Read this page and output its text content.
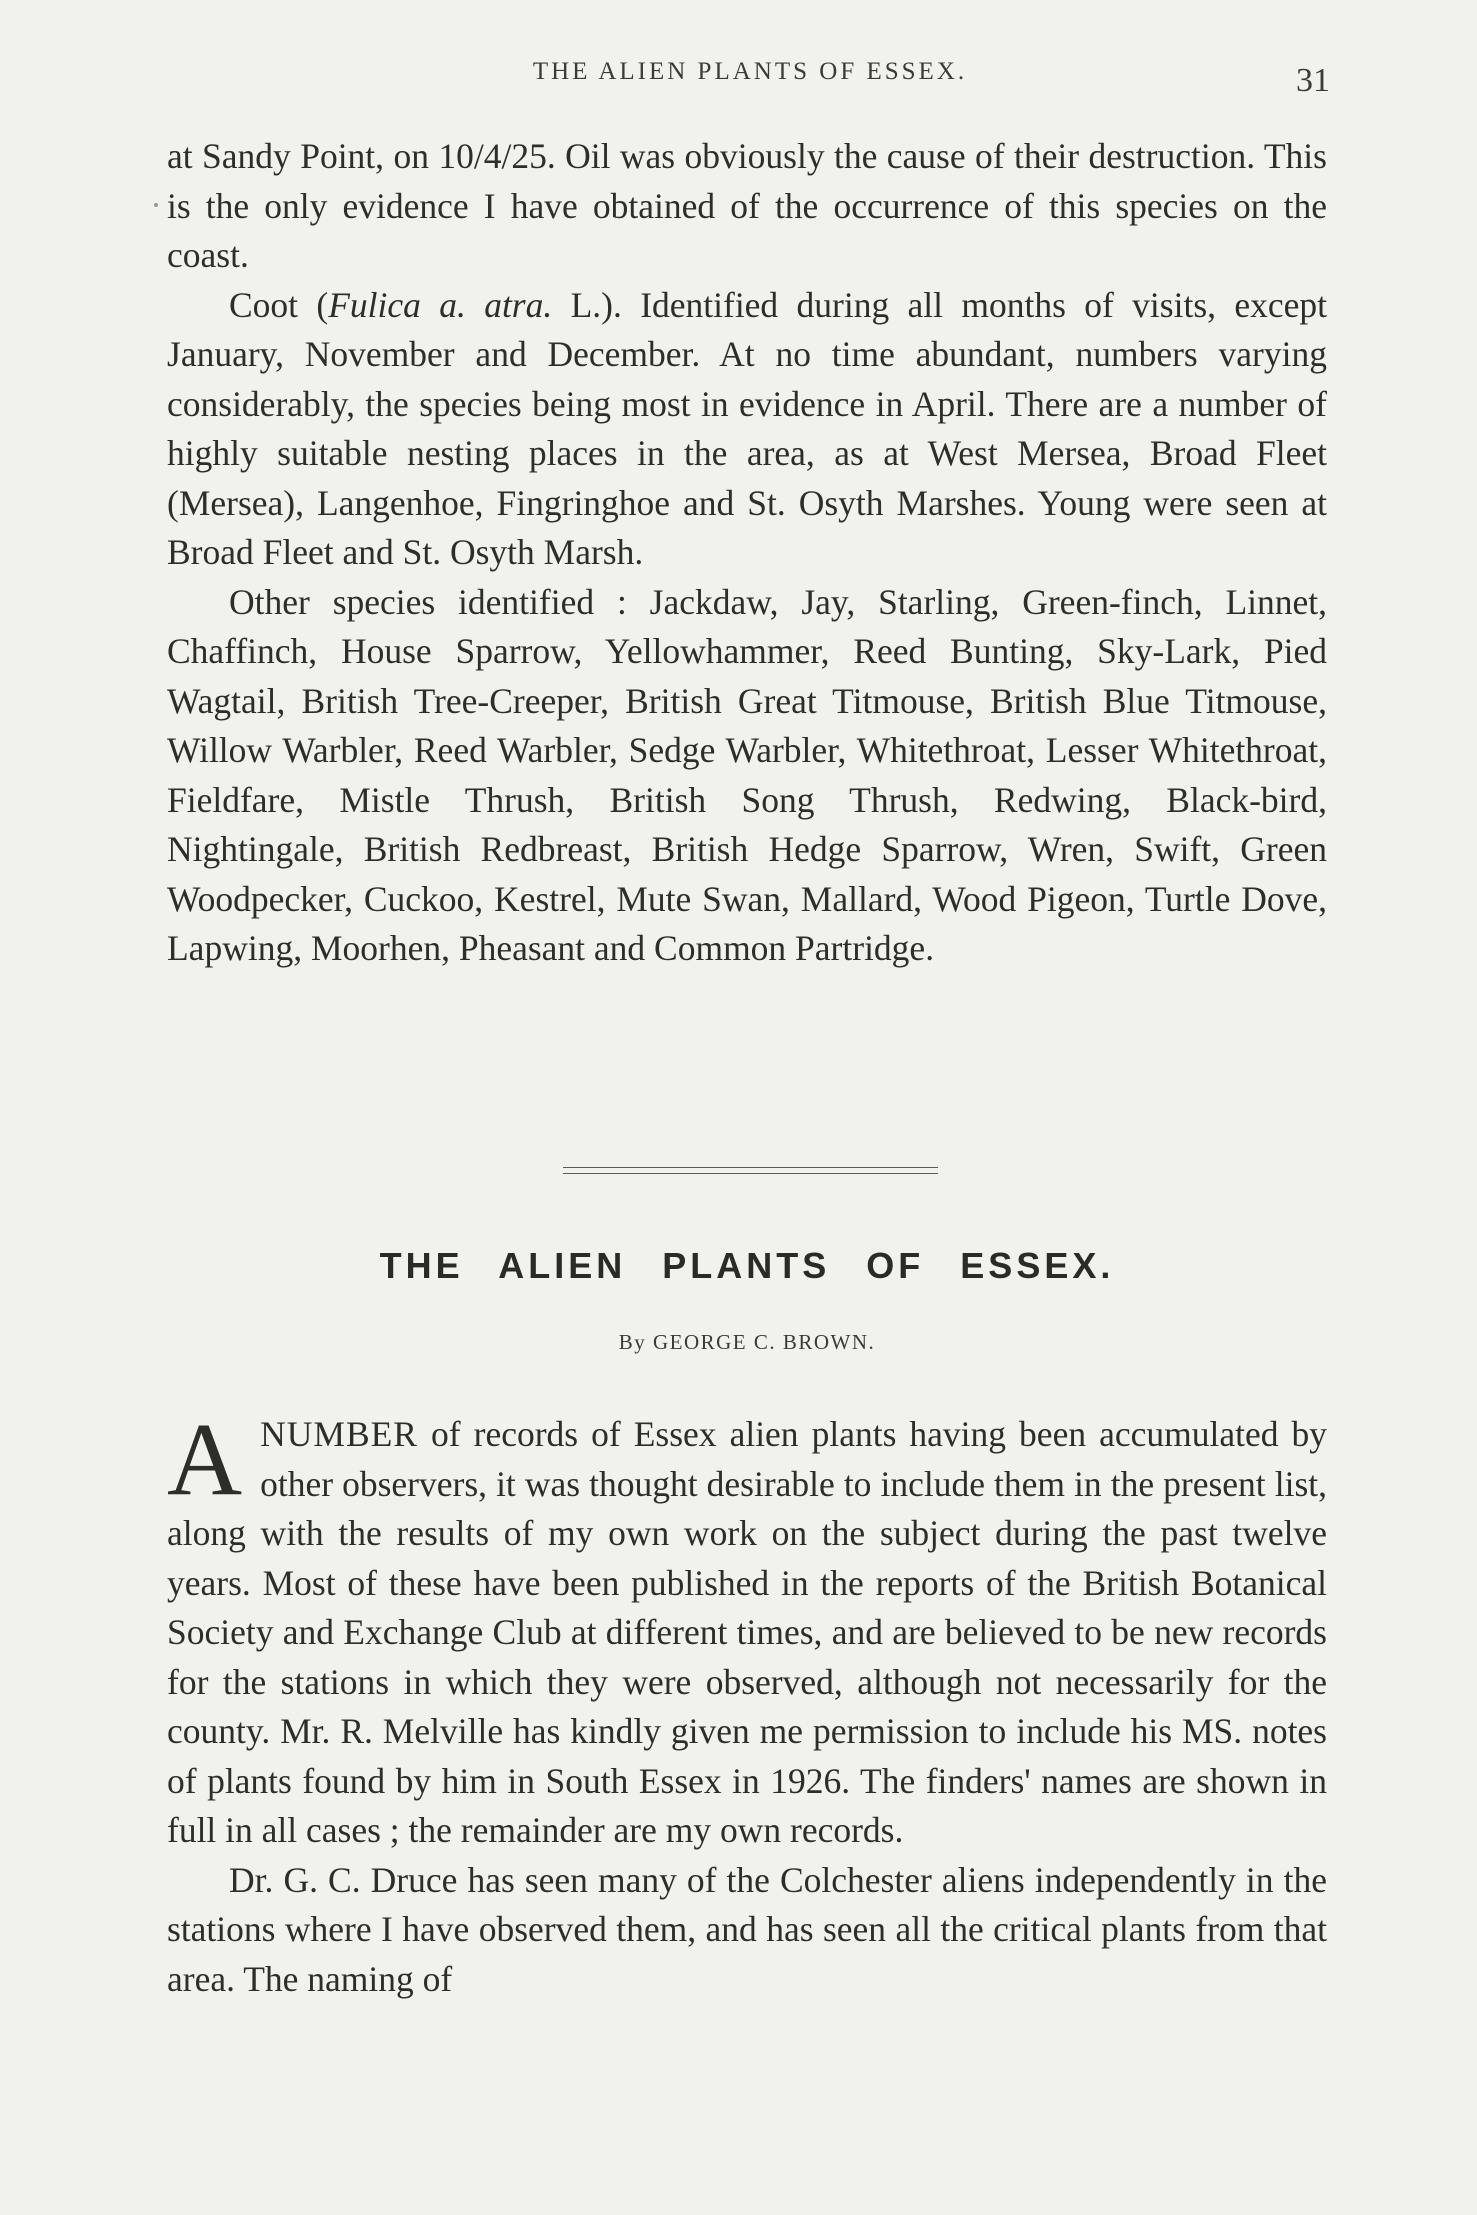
THE ALIEN PLANTS OF ESSEX.	31

at Sandy Point, on 10/4/25. Oil was obviously the cause of their destruction. This is the only evidence I have obtained of the occurrence of this species on the coast.

Coot (Fulica a. atra. L.). Identified during all months of visits, except January, November and December. At no time abundant, numbers varying considerably, the species being most in evidence in April. There are a number of highly suitable nesting places in the area, as at West Mersea, Broad Fleet (Mersea), Langenhoe, Fingringhoe and St. Osyth Marshes. Young were seen at Broad Fleet and St. Osyth Marsh.

Other species identified : Jackdaw, Jay, Starling, Green-finch, Linnet, Chaffinch, House Sparrow, Yellowhammer, Reed Bunting, Sky-Lark, Pied Wagtail, British Tree-Creeper, British Great Titmouse, British Blue Titmouse, Willow Warbler, Reed Warbler, Sedge Warbler, Whitethroat, Lesser Whitethroat, Fieldfare, Mistle Thrush, British Song Thrush, Redwing, Black-bird, Nightingale, British Redbreast, British Hedge Sparrow, Wren, Swift, Green Woodpecker, Cuckoo, Kestrel, Mute Swan, Mallard, Wood Pigeon, Turtle Dove, Lapwing, Moorhen, Pheasant and Common Partridge.

THE ALIEN PLANTS OF ESSEX.
By GEORGE C. BROWN.

ANUMBER of records of Essex alien plants having been accumulated by other observers, it was thought desirable to include them in the present list, along with the results of my own work on the subject during the past twelve years. Most of these have been published in the reports of the British Botanical Society and Exchange Club at different times, and are believed to be new records for the stations in which they were observed, although not necessarily for the county. Mr. R. Melville has kindly given me permission to include his MS. notes of plants found by him in South Essex in 1926. The finders' names are shown in full in all cases ; the remainder are my own records.

Dr. G. C. Druce has seen many of the Colchester aliens independently in the stations where I have observed them, and has seen all the critical plants from that area. The naming of
